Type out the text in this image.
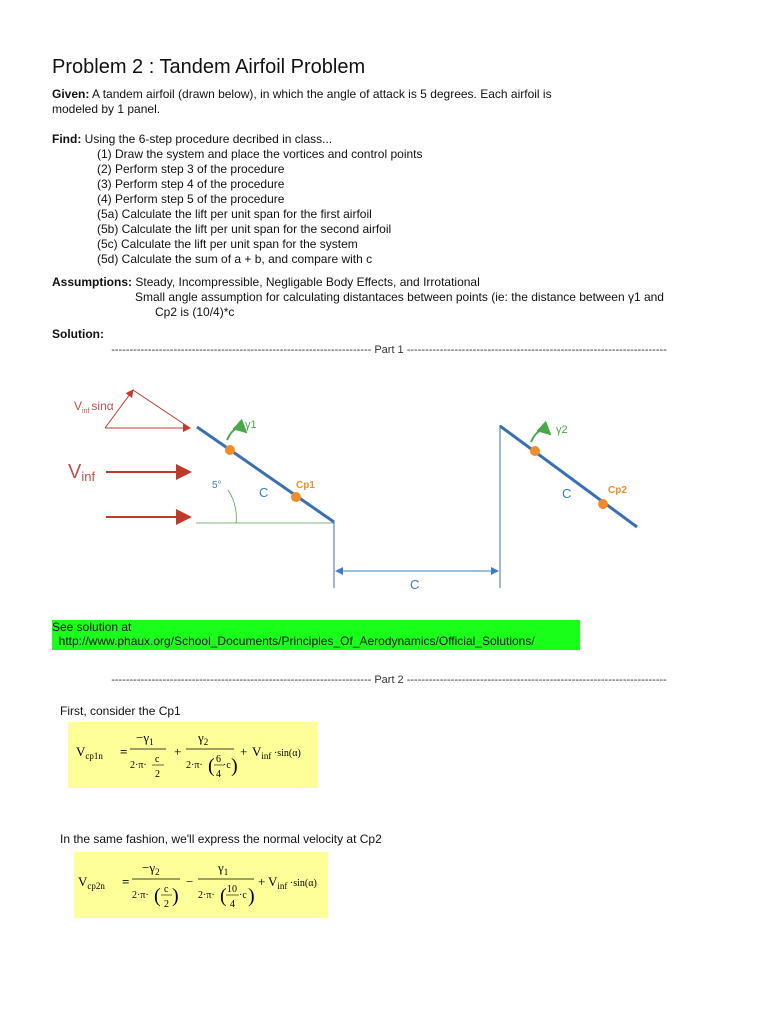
Problem 2 : Tandem Airfoil Problem
Given: A tandem airfoil (drawn below), in which the angle of attack is 5 degrees. Each airfoil is
modeled by 1 panel.
Find: Using the 6-step procedure decribed in class...
(1) Draw the system and place the vortices and control points
(2) Perform step 3 of the procedure
(3) Perform step 4 of the procedure
(4) Perform step 5 of the procedure
(5a) Calculate the lift per unit span for the first airfoil
(5b) Calculate the lift per unit span for the second airfoil
(5c) Calculate the lift per unit span for the system
(5d) Calculate the sum of a + b, and compare with c
Assumptions: Steady, Incompressible, Negligable Body Effects, and Irrotational
Small angle assumption for calculating distantaces between points (ie: the distance between γ1 and
Cp2 is (10/4)*c
Solution:
----------------------------------------------------------------------- Part 1 -----------------------------------------------------------------------
$V_{inf}$ sinα
Vinf
γ1	γ2
Cp1	Cp2
5°	C	C
C
See solution at
http://www.phaux.org/School_Documents/Principles_Of_Aerodynamics/Official_Solutions/
----------------------------------------------------------------------- Part 2 -----------------------------------------------------------------------
First, consider the Cp1
$V_{cp1n}$ =
$-\gamma_1$
2·π·
c
2
+
$\gamma_2$
2·π· ( 6
4
·c )
+ $V_{inf}$ $^{\cdot sin(\alpha)}$
In the same fashion, we'll express the normal velocity at Cp2
$V_{cp2n}$ =
$-\gamma_2$
2·π· ( c
2 )
−
$\gamma_1$
2·π· ( 10
4
·c )
+ $V_{inf}$ $^{\cdot sin(\alpha)}$
